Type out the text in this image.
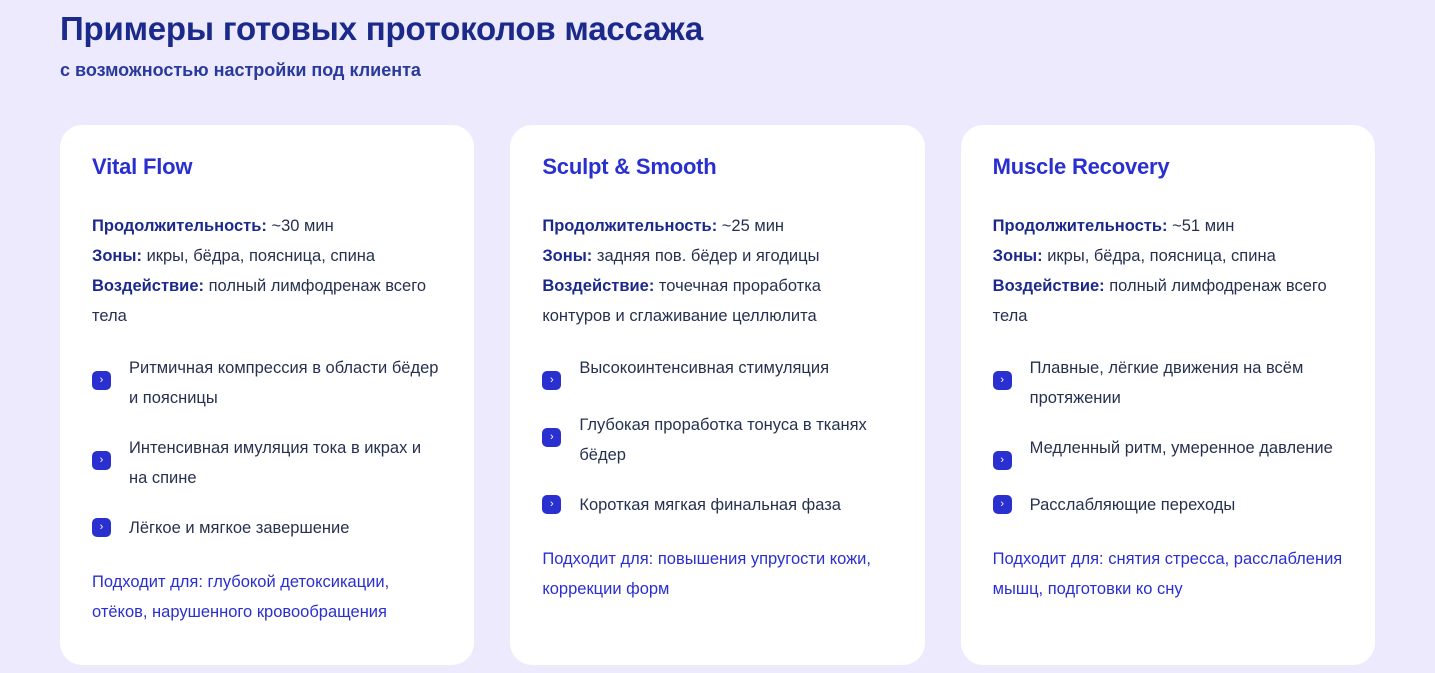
Примеры готовых протоколов массажа
с возможностью настройки под клиента
Vital Flow
Продолжительность: ~30 мин
Зоны: икры, бёдра, поясница, спина
Воздействие: полный лимфодренаж всего тела
›
Ритмичная компрессия в области бёдер и поясницы
›
Интенсивная имуляция тока в икрах и на спине
›	Лёгкое и мягкое завершение
Подходит для: глубокой детоксикации, отёков, нарушенного кровообращения
Sculpt & Smooth
Продолжительность: ~25 мин
Зоны: задняя пов. бёдер и ягодицы
Воздействие: точечная проработка контуров и сглаживание целлюлита
›
Высокоинтенсивная стимуляция
›
Глубокая проработка тонуса в тканях бёдер
›	Короткая мягкая финальная фаза
Подходит для: повышения упругости кожи, коррекции форм
Muscle Recovery
Продолжительность: ~51 мин
Зоны: икры, бёдра, поясница, спина
Воздействие: полный лимфодренаж всего тела
›
Плавные, лёгкие движения на всём протяжении
›
Медленный ритм, умеренное давление
›	Расслабляющие переходы
Подходит для: снятия стресса, расслабления мышц, подготовки ко сну
